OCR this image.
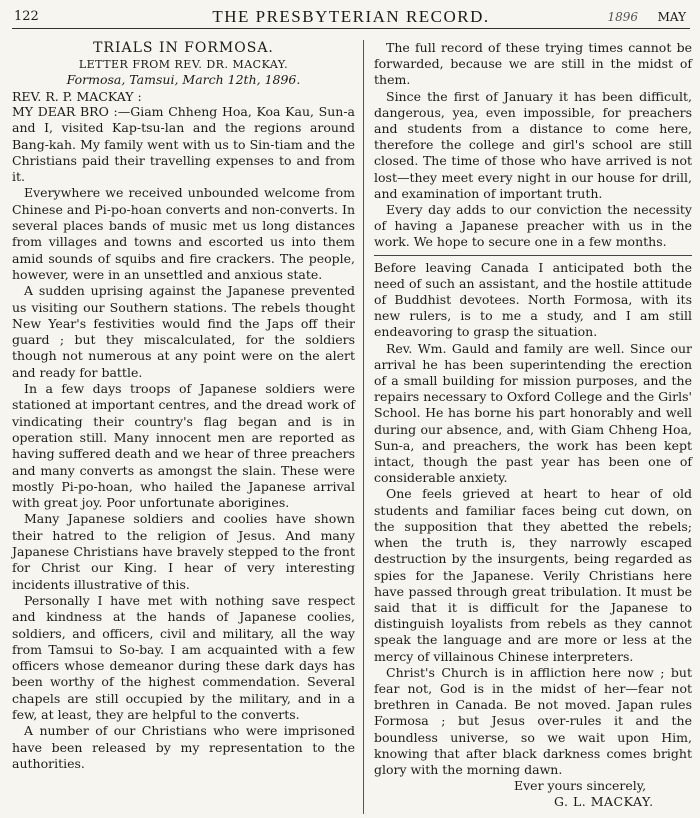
122	THE PRESBYTERIAN RECORD.	1896 MAY
TRIALS IN FORMOSA.
LETTER FROM REV. DR. MACKAY.
Formosa, Tamsui, March 12th, 1896.
REV. R. P. MACKAY :

MY DEAR BRO :—Giam Chheng Hoa, Koa Kau, Sun-a and I, visited Kap-tsu-lan and the regions around Bang-kah. My family went with us to Sin-tiam and the Christians paid their travelling expenses to and from it.

Everywhere we received unbounded welcome from Chinese and Pi-po-hoan converts and non-converts. In several places bands of music met us long distances from villages and towns and escorted us into them amid sounds of squibs and fire crackers. The people, however, were in an unsettled and anxious state.

A sudden uprising against the Japanese prevented us visiting our Southern stations. The rebels thought New Year's festivities would find the Japs off their guard ; but they miscalculated, for the soldiers though not numerous at any point were on the alert and ready for battle.

In a few days troops of Japanese soldiers were stationed at important centres, and the dread work of vindicating their country's flag began and is in operation still. Many innocent men are reported as having suffered death and we hear of three preachers and many converts as amongst the slain. These were mostly Pi-po-hoan, who hailed the Japanese arrival with great joy. Poor unfortunate aborigines.

Many Japanese soldiers and coolies have shown their hatred to the religion of Jesus. And many Japanese Christians have bravely stepped to the front for Christ our King. I hear of very interesting incidents illustrative of this.

Personally I have met with nothing save respect and kindness at the hands of Japanese coolies, soldiers, and officers, civil and military, all the way from Tamsui to So-bay. I am acquainted with a few officers whose demeanor during these dark days has been worthy of the highest commendation. Several chapels are still occupied by the military, and in a few, at least, they are helpful to the converts.

A number of our Christians who were imprisoned have been released by my representation to the authorities.

The full record of these trying times cannot be forwarded, because we are still in the midst of them.

Since the first of January it has been difficult, dangerous, yea, even impossible, for preachers and students from a distance to come here, therefore the college and girl's school are still closed. The time of those who have arrived is not lost—they meet every night in our house for drill, and examination of important truth.

Every day adds to our conviction the necessity of having a Japanese preacher with us in the work. We hope to secure one in a few months.

Before leaving Canada I anticipated both the need of such an assistant, and the hostile attitude of Buddhist devotees. North Formosa, with its new rulers, is to me a study, and I am still endeavoring to grasp the situation.

Rev. Wm. Gauld and family are well. Since our arrival he has been superintending the erection of a small building for mission purposes, and the repairs necessary to Oxford College and the Girls' School. He has borne his part honorably and well during our absence, and, with Giam Chheng Hoa, Sun-a, and preachers, the work has been kept intact, though the past year has been one of considerable anxiety.

One feels grieved at heart to hear of old students and familiar faces being cut down, on the supposition that they abetted the rebels; when the truth is, they narrowly escaped destruction by the insurgents, being regarded as spies for the Japanese. Verily Christians here have passed through great tribulation. It must be said that it is difficult for the Japanese to distinguish loyalists from rebels as they cannot speak the language and are more or less at the mercy of villainous Chinese interpreters.

Christ's Church is in affliction here now ; but fear not, God is in the midst of her—fear not brethren in Canada. Be not moved. Japan rules Formosa ; but Jesus over-rules it and the boundless universe, so we wait upon Him, knowing that after black darkness comes bright glory with the morning dawn.

Ever yours sincerely,
G. L. MACKAY.
